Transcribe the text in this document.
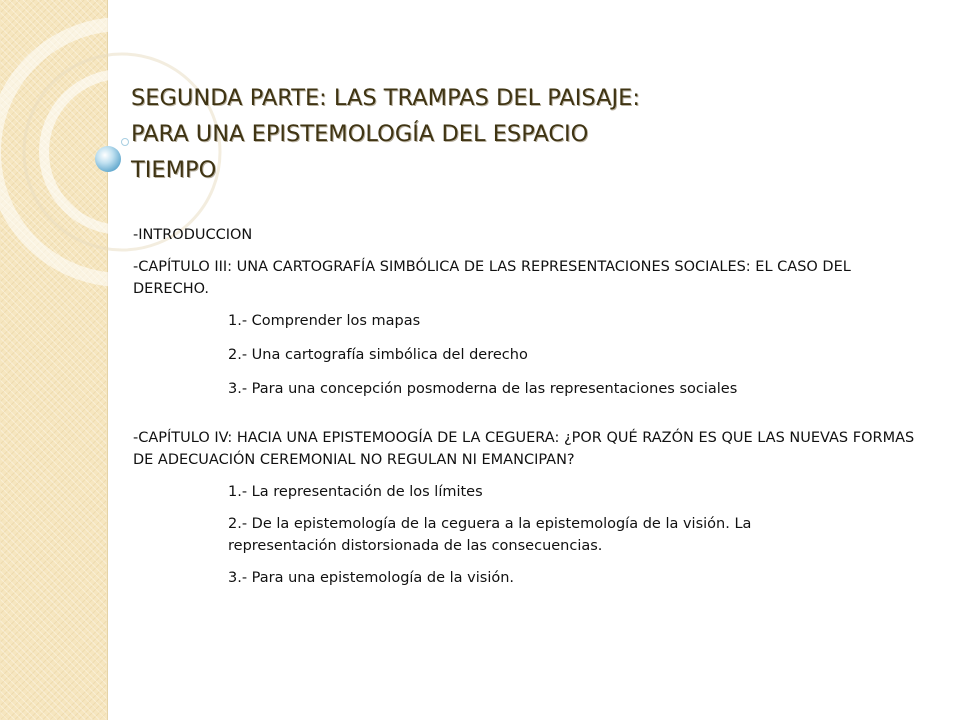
SEGUNDA PARTE: LAS TRAMPAS DEL PAISAJE:
PARA UNA EPISTEMOLOGÍA DEL ESPACIO
TIEMPO

-INTRODUCCION

-CAPÍTULO III: UNA CARTOGRAFÍA SIMBÓLICA DE LAS REPRESENTACIONES SOCIALES: EL CASO DEL DERECHO.

1.- Comprender los mapas

2.- Una cartografía simbólica del derecho

3.- Para una concepción posmoderna de las representaciones sociales

-CAPÍTULO IV: HACIA UNA EPISTEMOOGÍA DE LA CEGUERA: ¿POR QUÉ RAZÓN ES QUE LAS NUEVAS FORMAS DE ADECUACIÓN CEREMONIAL NO REGULAN NI EMANCIPAN?

1.- La representación de los límites

2.- De la epistemología de la ceguera a la epistemología de la visión. La representación distorsionada de las consecuencias.

3.- Para una epistemología de la visión.
